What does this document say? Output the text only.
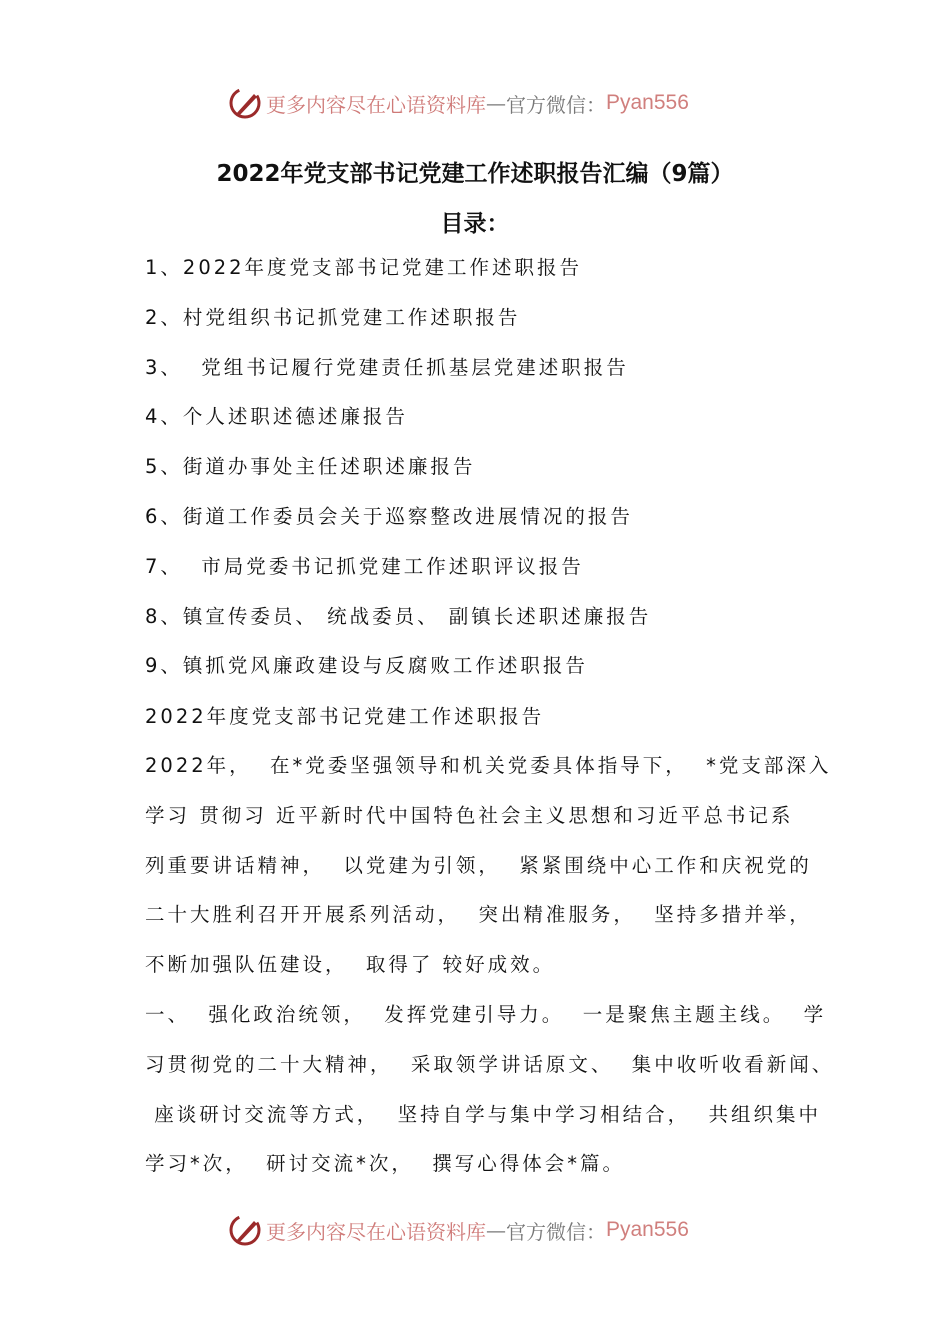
更多内容尽在心语资料库 — 官方微信： Pyan556
2022年党支部书记党建工作述职报告汇编（9篇）
目录：
1、2022年度党支部书记党建工作述职报告
2、村党组织书记抓党建工作述职报告
3、  党组书记履行党建责任抓基层党建述职报告
4、个人述职述德述廉报告
5、街道办事处主任述职述廉报告
6、街道工作委员会关于巡察整改进展情况的报告
7、  市局党委书记抓党建工作述职评议报告
8、镇宣传委员、 统战委员、 副镇长述职述廉报告
9、镇抓党风廉政建设与反腐败工作述职报告
2022年度党支部书记党建工作述职报告
2022年，  在*党委坚强领导和机关党委具体指导下，  *党支部深入
学习 贯彻习 近平新时代中国特色社会主义思想和习近平总书记系
列重要讲话精神，  以党建为引领，  紧紧围绕中心工作和庆祝党的
二十大胜利召开开展系列活动，  突出精准服务，  坚持多措并举，
不断加强队伍建设，  取得了 较好成效。
一、  强化政治统领，  发挥党建引导力。  一是聚焦主题主线。  学
习贯彻党的二十大精神，  采取领学讲话原文、  集中收听收看新闻、
座谈研讨交流等方式，  坚持自学与集中学习相结合，  共组织集中
学习*次，  研讨交流*次，  撰写心得体会*篇。
更多内容尽在心语资料库 — 官方微信： Pyan556
